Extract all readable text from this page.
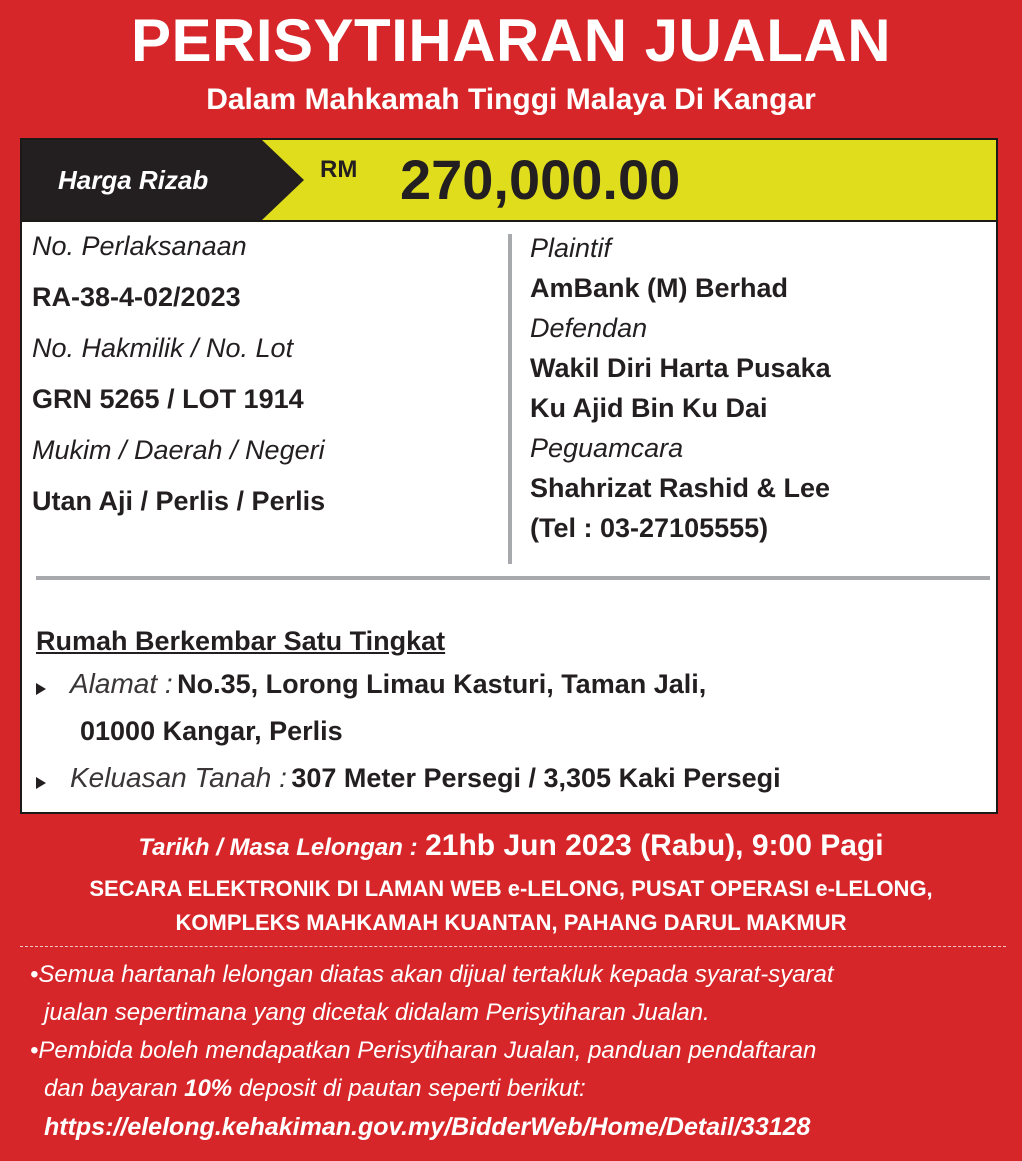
PERISYTIHARAN JUALAN
Dalam Mahkamah Tinggi Malaya Di Kangar
Harga Rizab	RM 270,000.00
No. Perlaksanaan
RA-38-4-02/2023
No. Hakmilik / No. Lot
GRN 5265 / LOT 1914
Mukim / Daerah / Negeri
Utan Aji / Perlis / Perlis
Plaintif
AmBank (M) Berhad
Defendan
Wakil Diri Harta Pusaka
Ku Ajid Bin Ku Dai
Peguamcara
Shahrizat Rashid & Lee
(Tel : 03-27105555)
Rumah Berkembar Satu Tingkat
Alamat : No.35, Lorong Limau Kasturi, Taman Jali,
01000 Kangar, Perlis
Keluasan Tanah : 307 Meter Persegi / 3,305 Kaki Persegi
Tarikh / Masa Lelongan : 21hb Jun 2023 (Rabu), 9:00 Pagi
SECARA ELEKTRONIK DI LAMAN WEB e-LELONG, PUSAT OPERASI e-LELONG,
KOMPLEKS MAHKAMAH KUANTAN, PAHANG DARUL MAKMUR
•Semua hartanah lelongan diatas akan dijual tertakluk kepada syarat-syarat
jualan sepertimana yang dicetak didalam Perisytiharan Jualan.
•Pembida boleh mendapatkan Perisytiharan Jualan, panduan pendaftaran
dan bayaran 10% deposit di pautan seperti berikut:
https://elelong.kehakiman.gov.my/BidderWeb/Home/Detail/33128
